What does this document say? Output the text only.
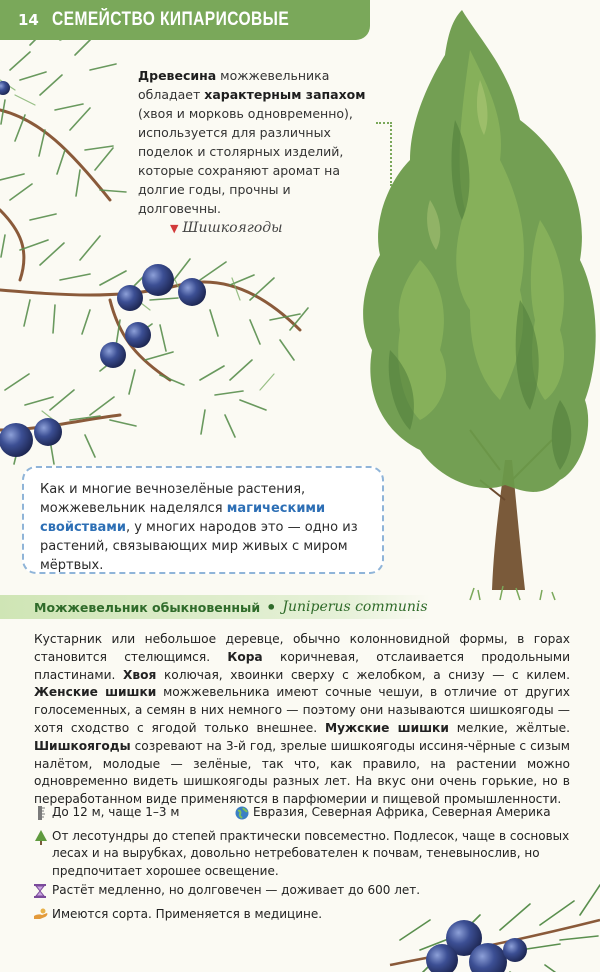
14 СЕМЕЙСТВО КИПАРИСОВЫЕ
Древесина можжевельника обладает характерным запахом (хвоя и морковь одновременно), используется для различных поделок и столярных изделий, которые сохраняют аромат на долгие годы, прочны и долговечны.
▼ Шишкоягоды
Как и многие вечнозелёные растения, можжевельник наделялся магическими свойствами, у многих народов это — одно из растений, связывающих мир живых с миром мёртвых.
Можжевельник обыкновенный • Juniperus communis
Кустарник или небольшое деревце, обычно колонновидной формы, в горах становится стелющимся. Кора коричневая, отслаивается продольными пластинами. Хвоя колючая, хвоинки сверху с желобком, а снизу — с килем. Женские шишки можжевельника имеют сочные чешуи, в отличие от других голосеменных, а семян в них немного — поэтому они называются шишкоягоды — хотя сходство с ягодой только внешнее. Мужские шишки мелкие, жёлтые. Шишкоягоды созревают на 3-й год, зрелые шишкоягоды иссиня-чёрные с сизым налётом, молодые — зелёные, так что, как правило, на растении можно одновременно видеть шишкоягоды разных лет. На вкус они очень горькие, но в переработанном виде применяются в парфюмерии и пищевой промышленности.
До 12 м, чаще 1–3 м	Евразия, Северная Африка, Северная Америка
От лесотундры до степей практически повсеместно. Подлесок, чаще в сосновых лесах и на вырубках, довольно нетребователен к почвам, теневынослив, но предпочитает хорошее освещение.
Растёт медленно, но долговечен — доживает до 600 лет.
Имеются сорта. Применяется в медицине.
